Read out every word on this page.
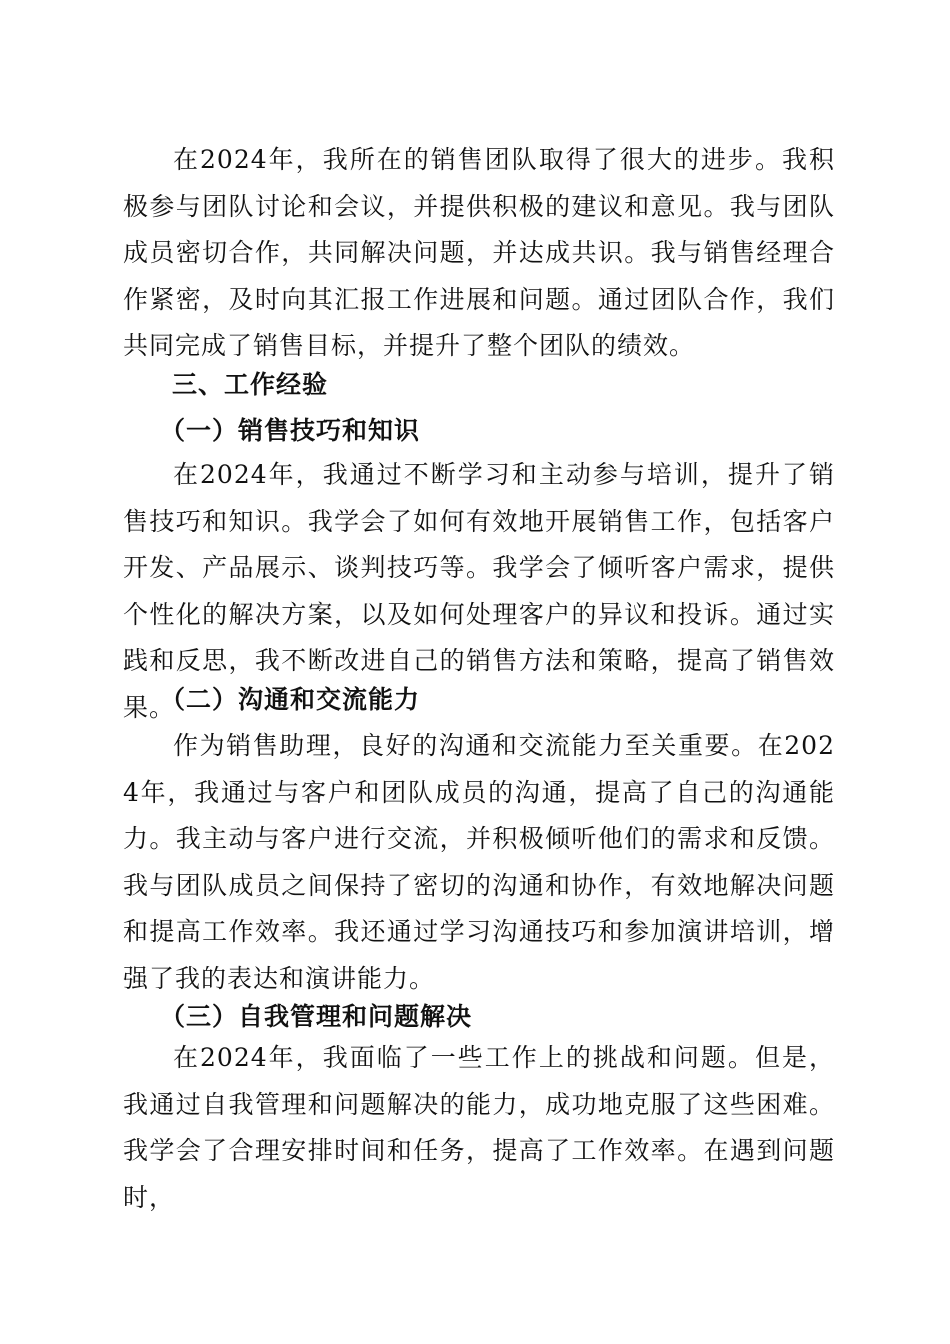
在2024年，我所在的销售团队取得了很大的进步。我积极参与团队讨论和会议，并提供积极的建议和意见。我与团队成员密切合作，共同解决问题，并达成共识。我与销售经理合作紧密，及时向其汇报工作进展和问题。通过团队合作，我们共同完成了销售目标，并提升了整个团队的绩效。

三、工作经验
（一）销售技巧和知识

在2024年，我通过不断学习和主动参与培训，提升了销售技巧和知识。我学会了如何有效地开展销售工作，包括客户开发、产品展示、谈判技巧等。我学会了倾听客户需求，提供个性化的解决方案，以及如何处理客户的异议和投诉。通过实践和反思，我不断改进自己的销售方法和策略，提高了销售效果。

（二）沟通和交流能力

作为销售助理，良好的沟通和交流能力至关重要。在2024年，我通过与客户和团队成员的沟通，提高了自己的沟通能力。我主动与客户进行交流，并积极倾听他们的需求和反馈。我与团队成员之间保持了密切的沟通和协作，有效地解决问题和提高工作效率。我还通过学习沟通技巧和参加演讲培训，增强了我的表达和演讲能力。

（三）自我管理和问题解决

在2024年，我面临了一些工作上的挑战和问题。但是，我通过自我管理和问题解决的能力，成功地克服了这些困难。我学会了合理安排时间和任务，提高了工作效率。在遇到问题时，
